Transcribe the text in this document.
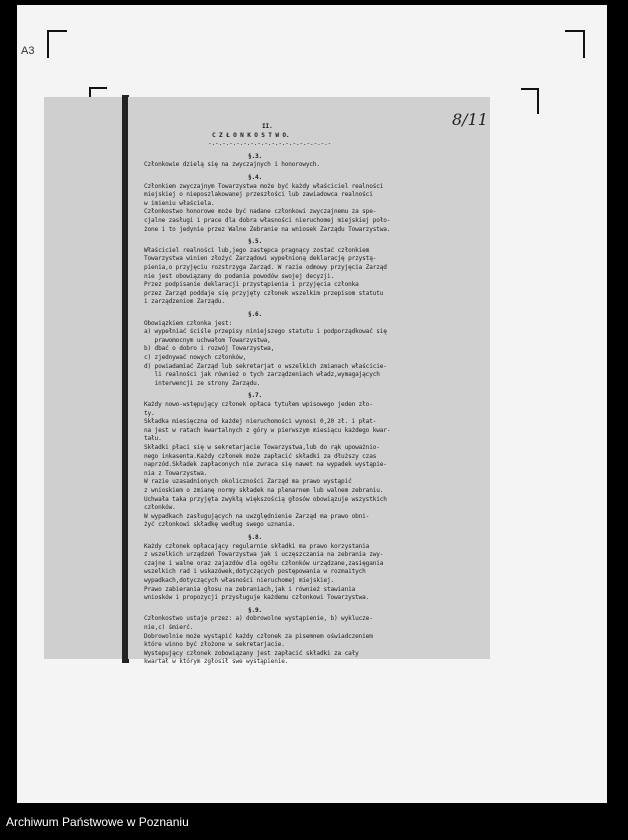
A3
II.
C Z Ł O N K O S T W O.
-.-.-.-.-.-.-.-.-.-.-.-.-.-.-.-.-.-
§.3.
Członkowie dzielą się na zwyczajnych i honorowych.
§.4.
Członkiem zwyczajnym Towarzystwa może być każdy właściciel realności
miejskiej o nieposzlakowanej przeszłości lub zawiadowca realności
w imieniu właściela.
Członkostwo honorowe może być nadane członkowi zwyczajnemu za spe-
cjalne zasługi i prace dla dobra własności nieruchomej miejskiej poło-
żone i to jedynie przez Walne Zebranie na wniosek Zarządu Towarzystwa.
§.5.
Właściciel realności lub,jego zastępca pragnący zostać członkiem
Towarzystwa winien złożyć Zarządowi wypełnioną deklarację przystą-
pienia,o przyjęciu rozstrzyga Zarząd. W razie odmowy przyjęcia Zarząd
nie jest obowiązany do podania powodów swojej decyzji.
Przez podpisanie deklaracji przystąpienia i przyjęcia członka
przez Zarząd poddaje się przyjęty członek wszelkim przepisom statutu
i zarządzeniom Zarządu.
§.6.
Obowiązkiem członka jest:
a) wypełniać ściśle przepisy niniejszego statutu i podporządkować się
prawomocnym uchwałom Towarzystwa,
b) dbać o dobro i rozwój Towarzystwa,
c) zjednywać nowych członków,
d) powiadamiać Zarząd lub sekretarjat o wszelkich zmianach właścicie-
li realności jak również o tych zarządzeniach władz,wymagających
interwencji ze strony Zarządu.
§.7.
Każdy nowo-wstępujący członek opłaca tytułem wpisowego jeden zło-
ty.
Składka miesięczna od każdej nieruchomości wynosi 0,20 zł. i płat-
na jest w ratach kwartalnych z góry w pierwszym miesiącu każdego kwar-
tału.
Składki płaci się w sekretarjacie Towarzystwa,lub do rąk upoważnio-
nego inkasenta.Każdy członek może zapłacić składki za dłuższy czas
naprzód.Składek zapłaconych nie zwraca się nawet na wypadek wystąpie-
nia z Towarzystwa.
W razie uzasadnionych okoliczności Zarząd ma prawo wystąpić
z wnioskiem o zmianę normy składek na plenarnem lub walnem zebraniu.
Uchwała taka przyjęta zwykłą większością głosów obowiązuje wszystkich
członków.
W wypadkach zasługujących na uwzględnienie Zarząd ma prawo obni-
żyć członkowi składkę według swego uznania.
§.8.
Każdy członek opłacający regularnie składki ma prawo korzystania
z wszelkich urządzeń Towarzystwa jak i uczęszczania na zebrania zwy-
czajne i walne oraz zajazdów dla ogółu członków urządzane,zasięgania
wszelkich rad i wskazówek,dotyczących postępowania w rozmaitych
wypadkach,dotyczących własności nieruchomej miejskiej.
Prawo zabierania głosu na zebraniach,jak i również stawiania
wniosków i propozycji przysługuje każdemu członkowi Towarzystwa.
§.9.
Członkostwo ustaje przez: a) dobrowolne wystąpienie, b) wykluczе-
nie,c) śmierć.
Dobrowolnie może wystąpić każdy członek za pisemnem oświadczeniem
które winno być złożone w sekretarjacie.
Wystepujący członek zobowiązany jest zapłacić składki za cały
kwartał w którym zgłosił swe wystąpienie.
8/11
Archiwum Państwowe w Poznaniu
